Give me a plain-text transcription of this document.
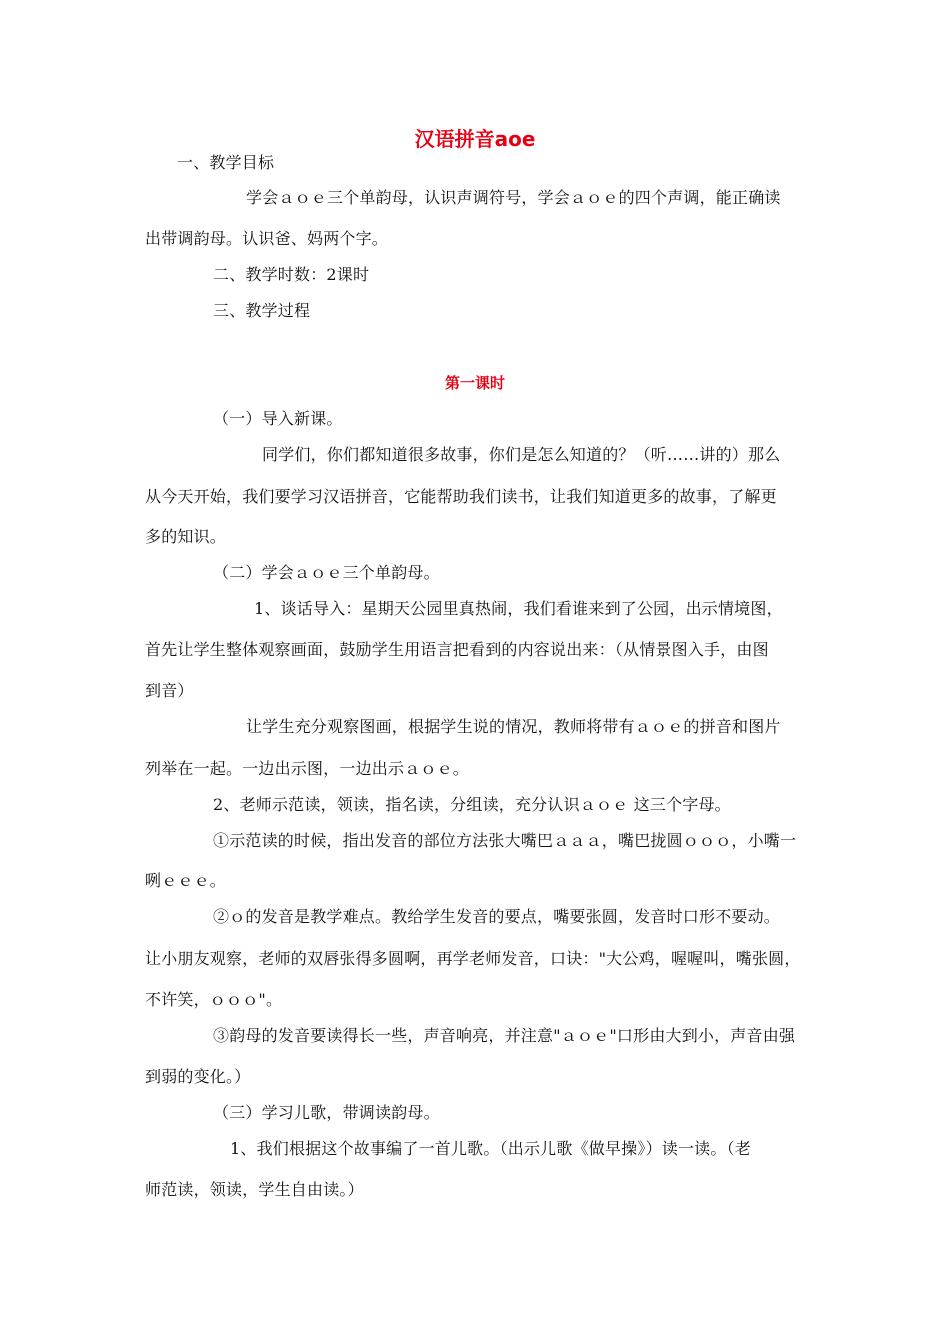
汉语拼音aoe
一、教学目标
学会ａｏｅ三个单韵母，认识声调符号，学会ａｏｅ的四个声调，能正确读
出带调韵母。认识爸、妈两个字。
二、教学时数：2课时
三、教学过程
第一课时
（一）导入新课。
同学们，你们都知道很多故事，你们是怎么知道的？（听……讲的）那么
从今天开始，我们要学习汉语拼音，它能帮助我们读书，让我们知道更多的故事，了解更
多的知识。
（二）学会ａｏｅ三个单韵母。
1、谈话导入：星期天公园里真热闹，我们看谁来到了公园，出示情境图，
首先让学生整体观察画面，鼓励学生用语言把看到的内容说出来：（从情景图入手，由图
到音）
让学生充分观察图画，根据学生说的情况，教师将带有ａｏｅ的拼音和图片
列举在一起。一边出示图，一边出示ａｏｅ。
2、老师示范读，领读，指名读，分组读，充分认识ａｏｅ 这三个字母。
①示范读的时候，指出发音的部位方法张大嘴巴ａａａ，嘴巴拢圆ｏｏｏ，小嘴一
咧ｅｅｅ。
②ｏ的发音是教学难点。教给学生发音的要点，嘴要张圆，发音时口形不要动。
让小朋友观察，老师的双唇张得多圆啊，再学老师发音，口诀："大公鸡，喔喔叫，嘴张圆，
不许笑，ｏｏｏ"。
③韵母的发音要读得长一些，声音响亮，并注意"ａｏｅ"口形由大到小，声音由强
到弱的变化。）
（三）学习儿歌，带调读韵母。
1、我们根据这个故事编了一首儿歌。（出示儿歌《做早操》）读一读。（老
师范读，领读，学生自由读。）
